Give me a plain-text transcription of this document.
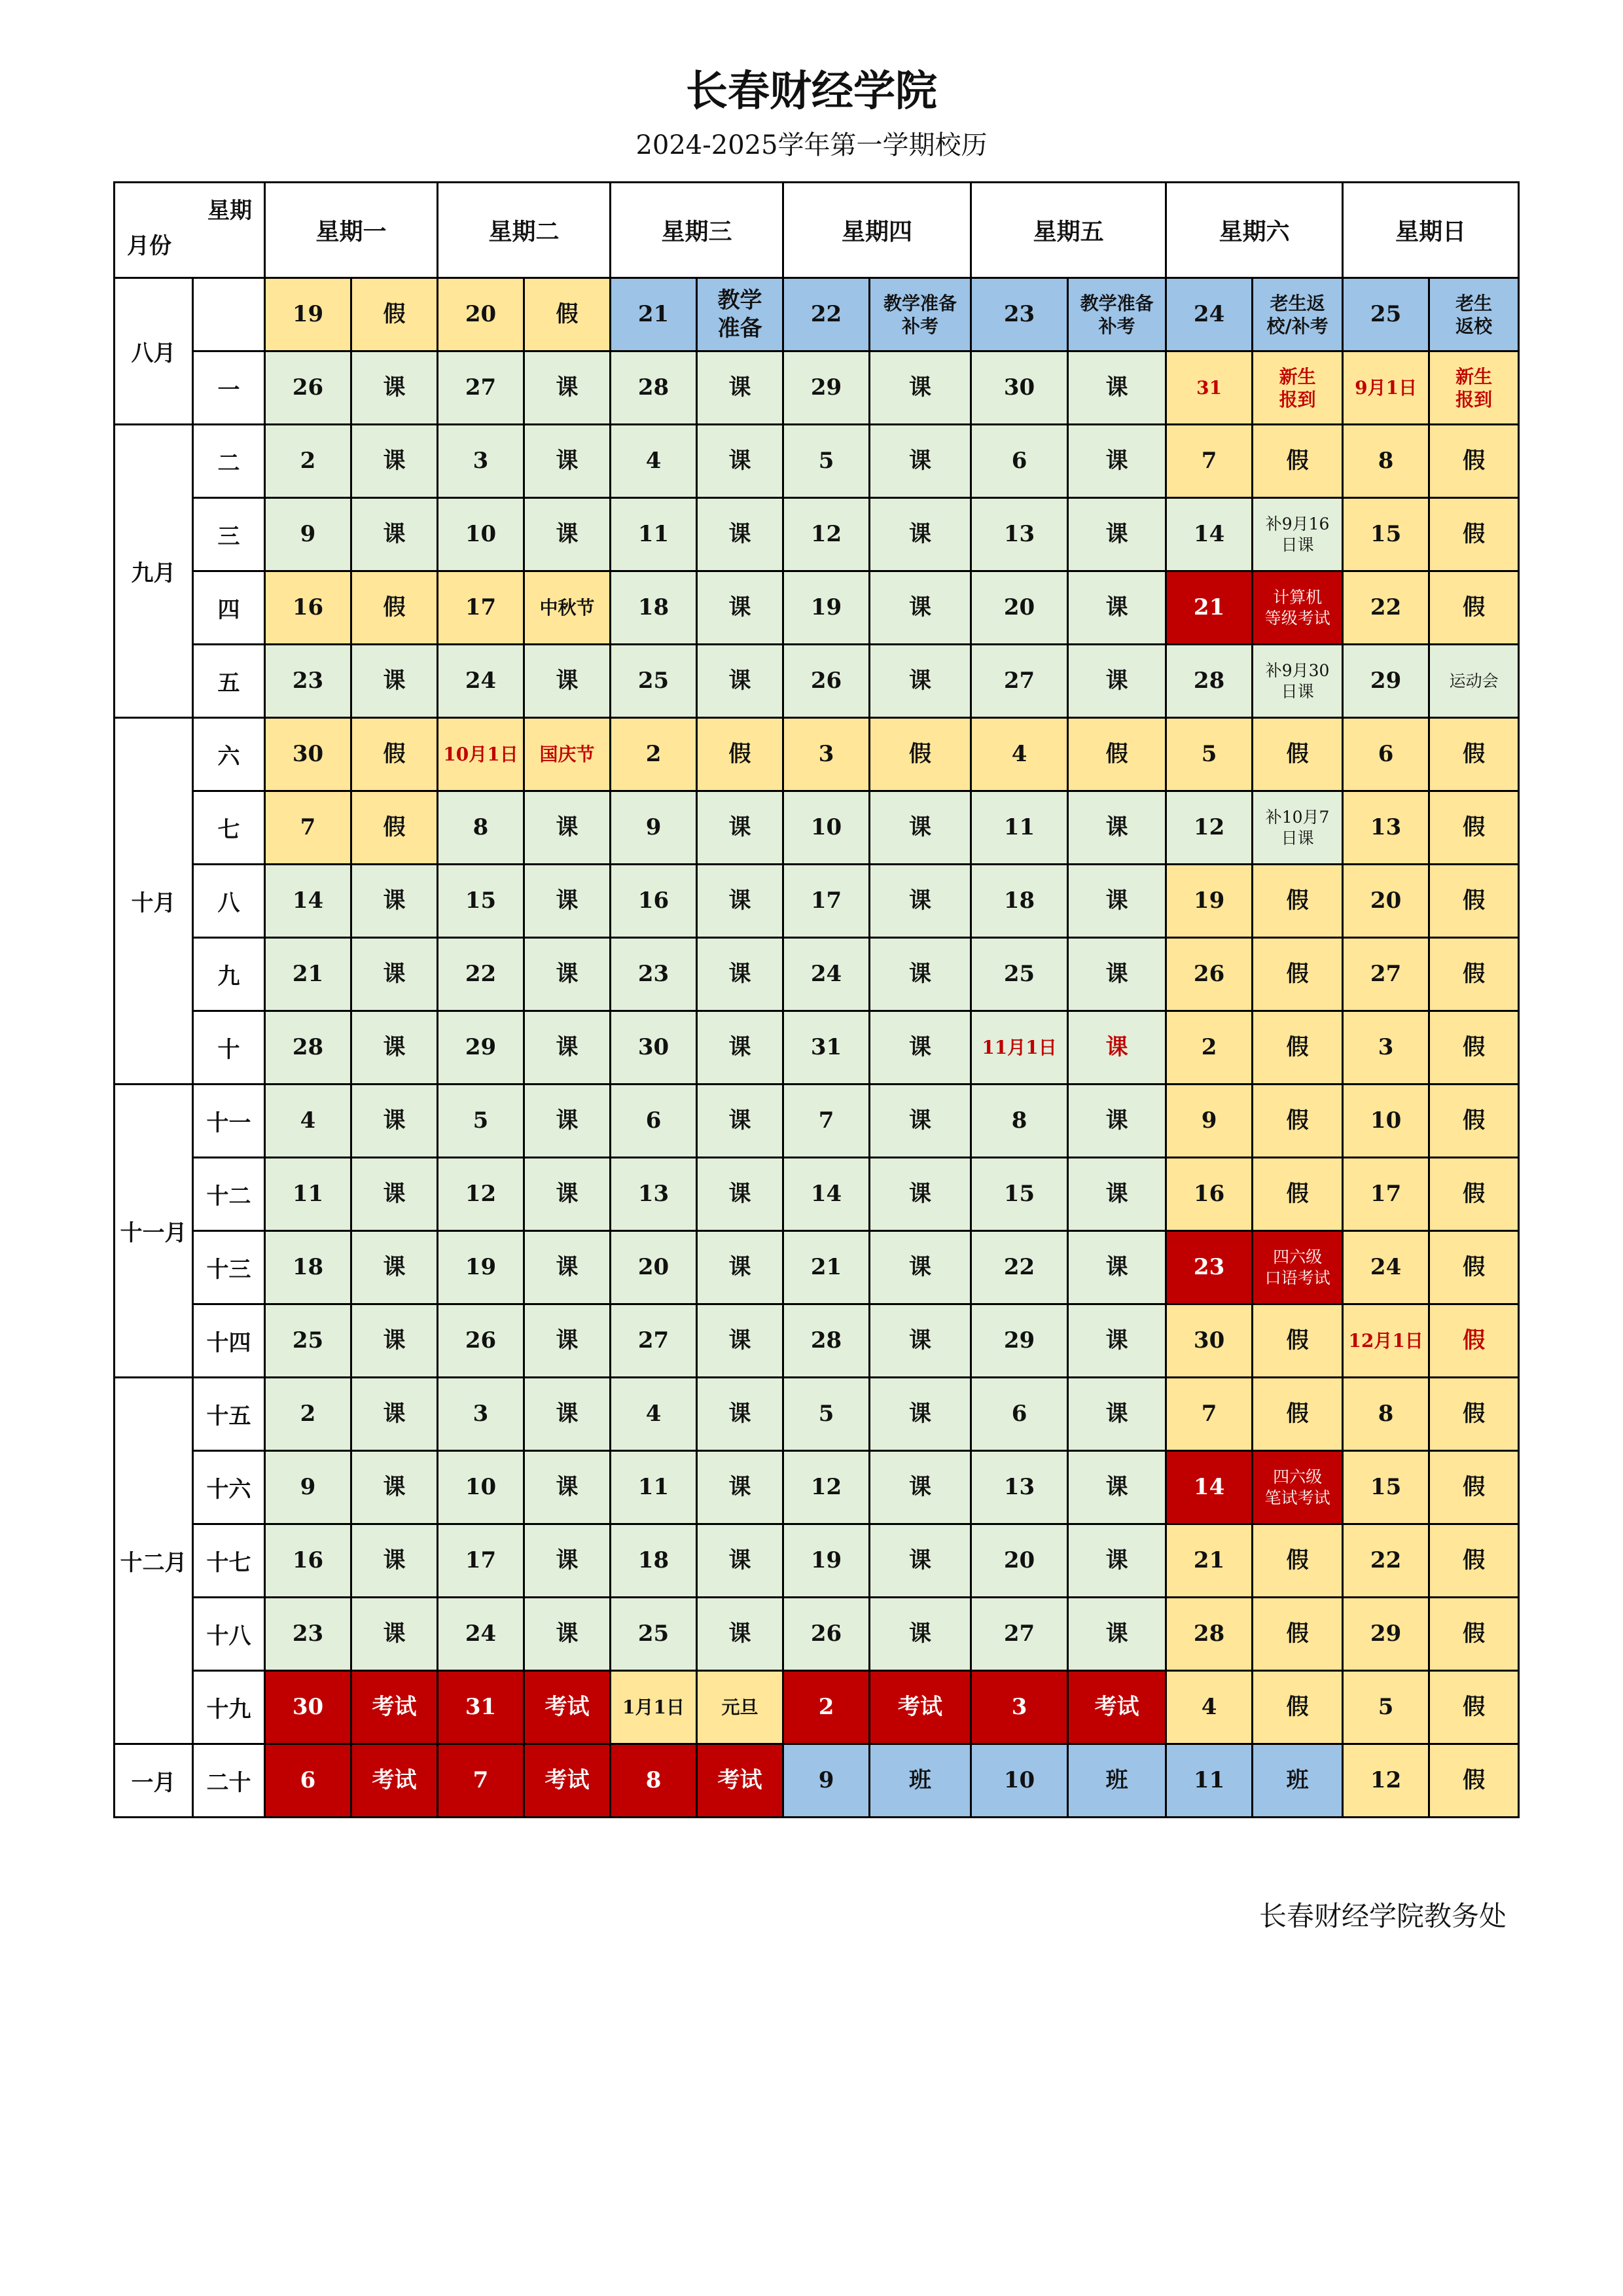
长春财经学院
2024-2025学年第一学期校历
星期
月份		星期一		星期二		星期三		星期四		星期五		星期六		星期日	
八月		19	假	20	假	21	教学
准备	22	教学准备
补考	23	教学准备
补考	24	老生返
校/补考	25	老生
返校
	一	26	课	27	课	28	课	29	课	30	课	31	新生
报到	9月1日	新生
报到
九月	二	2	课	3	课	4	课	5	课	6	课	7	假	8	假
	三	9	课	10	课	11	课	12	课	13	课	14	补9月16
日课	15	假
	四	16	假	17	中秋节	18	课	19	课	20	课	21	计算机
等级考试	22	假
	五	23	课	24	课	25	课	26	课	27	课	28	补9月30
日课	29	运动会
十月	六	30	假	10月1日	国庆节	2	假	3	假	4	假	5	假	6	假
	七	7	假	8	课	9	课	10	课	11	课	12	补10月7
日课	13	假
	八	14	课	15	课	16	课	17	课	18	课	19	假	20	假
	九	21	课	22	课	23	课	24	课	25	课	26	假	27	假
	十	28	课	29	课	30	课	31	课	11月1日	课	2	假	3	假
十一月	十一	4	课	5	课	6	课	7	课	8	课	9	假	10	假
	十二	11	课	12	课	13	课	14	课	15	课	16	假	17	假
	十三	18	课	19	课	20	课	21	课	22	课	23	四六级
口语考试	24	假
	十四	25	课	26	课	27	课	28	课	29	课	30	假	12月1日	假
十二月	十五	2	课	3	课	4	课	5	课	6	课	7	假	8	假
	十六	9	课	10	课	11	课	12	课	13	课	14	四六级
笔试考试	15	假
	十七	16	课	17	课	18	课	19	课	20	课	21	假	22	假
	十八	23	课	24	课	25	课	26	课	27	课	28	假	29	假
	十九	30	考试	31	考试	1月1日	元旦	2	考试	3	考试	4	假	5	假
一月	二十	6	考试	7	考试	8	考试	9	班	10	班	11	班	12	假
长春财经学院教务处
